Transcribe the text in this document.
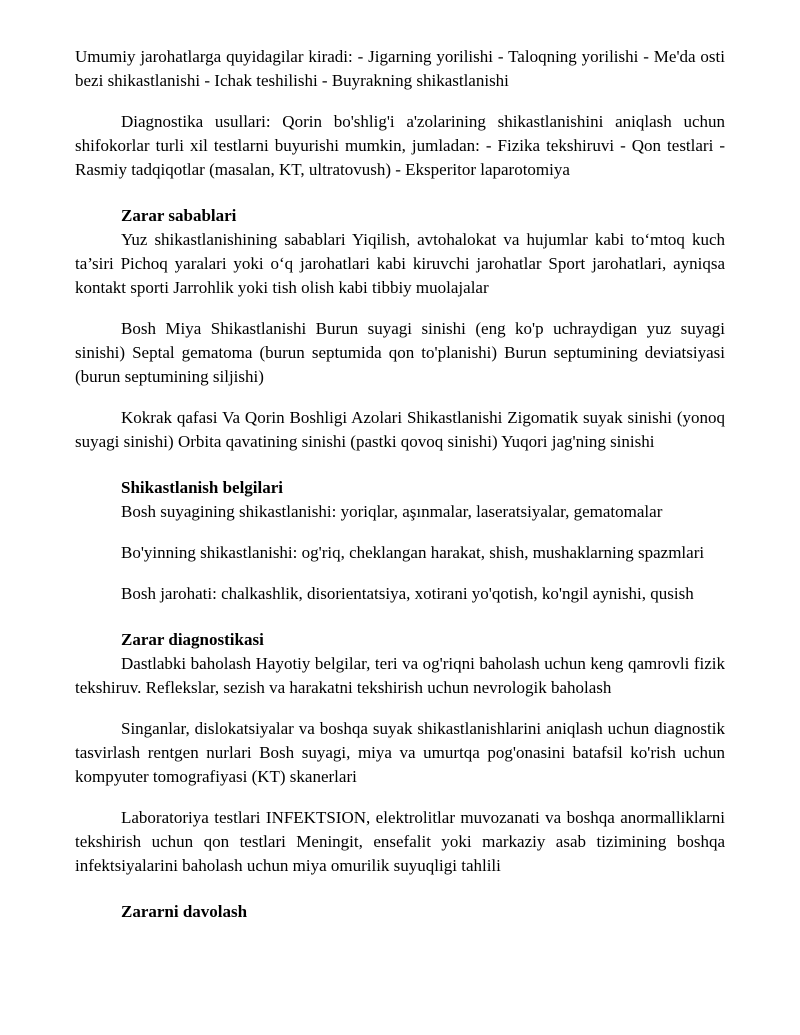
Umumiy jarohatlarga quyidagilar kiradi: - Jigarning yorilishi - Taloqning yorilishi - Me'da osti bezi shikastlanishi - Ichak teshilishi - Buyrakning shikastlanishi

Diagnostika usullari: Qorin bo'shlig'i a'zolarining shikastlanishini aniqlash uchun shifokorlar turli xil testlarni buyurishi mumkin, jumladan: - Fizika tekshiruvi - Qon testlari - Rasmiy tadqiqotlar (masalan, KT, ultratovush) - Eksperitor laparotomiya

Zarar sabablari

Yuz shikastlanishining sabablari Yiqilish, avtohalokat va hujumlar kabi to‘mtoq kuch ta’siri Pichoq yaralari yoki o‘q jarohatlari kabi kiruvchi jarohatlar Sport jarohatlari, ayniqsa kontakt sporti Jarrohlik yoki tish olish kabi tibbiy muolajalar

Bosh Miya Shikastlanishi Burun suyagi sinishi (eng ko'p uchraydigan yuz suyagi sinishi) Septal gematoma (burun septumida qon to'planishi) Burun septumining deviatsiyasi (burun septumining siljishi)

Kokrak qafasi Va Qorin Boshligi Azolari Shikastlanishi Zigomatik suyak sinishi (yonoq suyagi sinishi) Orbita qavatining sinishi (pastki qovoq sinishi) Yuqori jag'ning sinishi

Shikastlanish belgilari

Bosh suyagining shikastlanishi: yoriqlar, aşınmalar, laseratsiyalar, gematomalar

Bo'yinning shikastlanishi: og'riq, cheklangan harakat, shish, mushaklarning spazmlari

Bosh jarohati: chalkashlik, disorientatsiya, xotirani yo'qotish, ko'ngil aynishi, qusish

Zarar diagnostikasi

Dastlabki baholash Hayotiy belgilar, teri va og'riqni baholash uchun keng qamrovli fizik tekshiruv. Reflekslar, sezish va harakatni tekshirish uchun nevrologik baholash

Singanlar, dislokatsiyalar va boshqa suyak shikastlanishlarini aniqlash uchun diagnostik tasvirlash rentgen nurlari Bosh suyagi, miya va umurtqa pog'onasini batafsil ko'rish uchun kompyuter tomografiyasi (KT) skanerlari

Laboratoriya testlari INFEKTSION, elektrolitlar muvozanati va boshqa anormalliklarni tekshirish uchun qon testlari Meningit, ensefalit yoki markaziy asab tizimining boshqa infektsiyalarini baholash uchun miya omurilik suyuqligi tahlili

Zararni davolash
